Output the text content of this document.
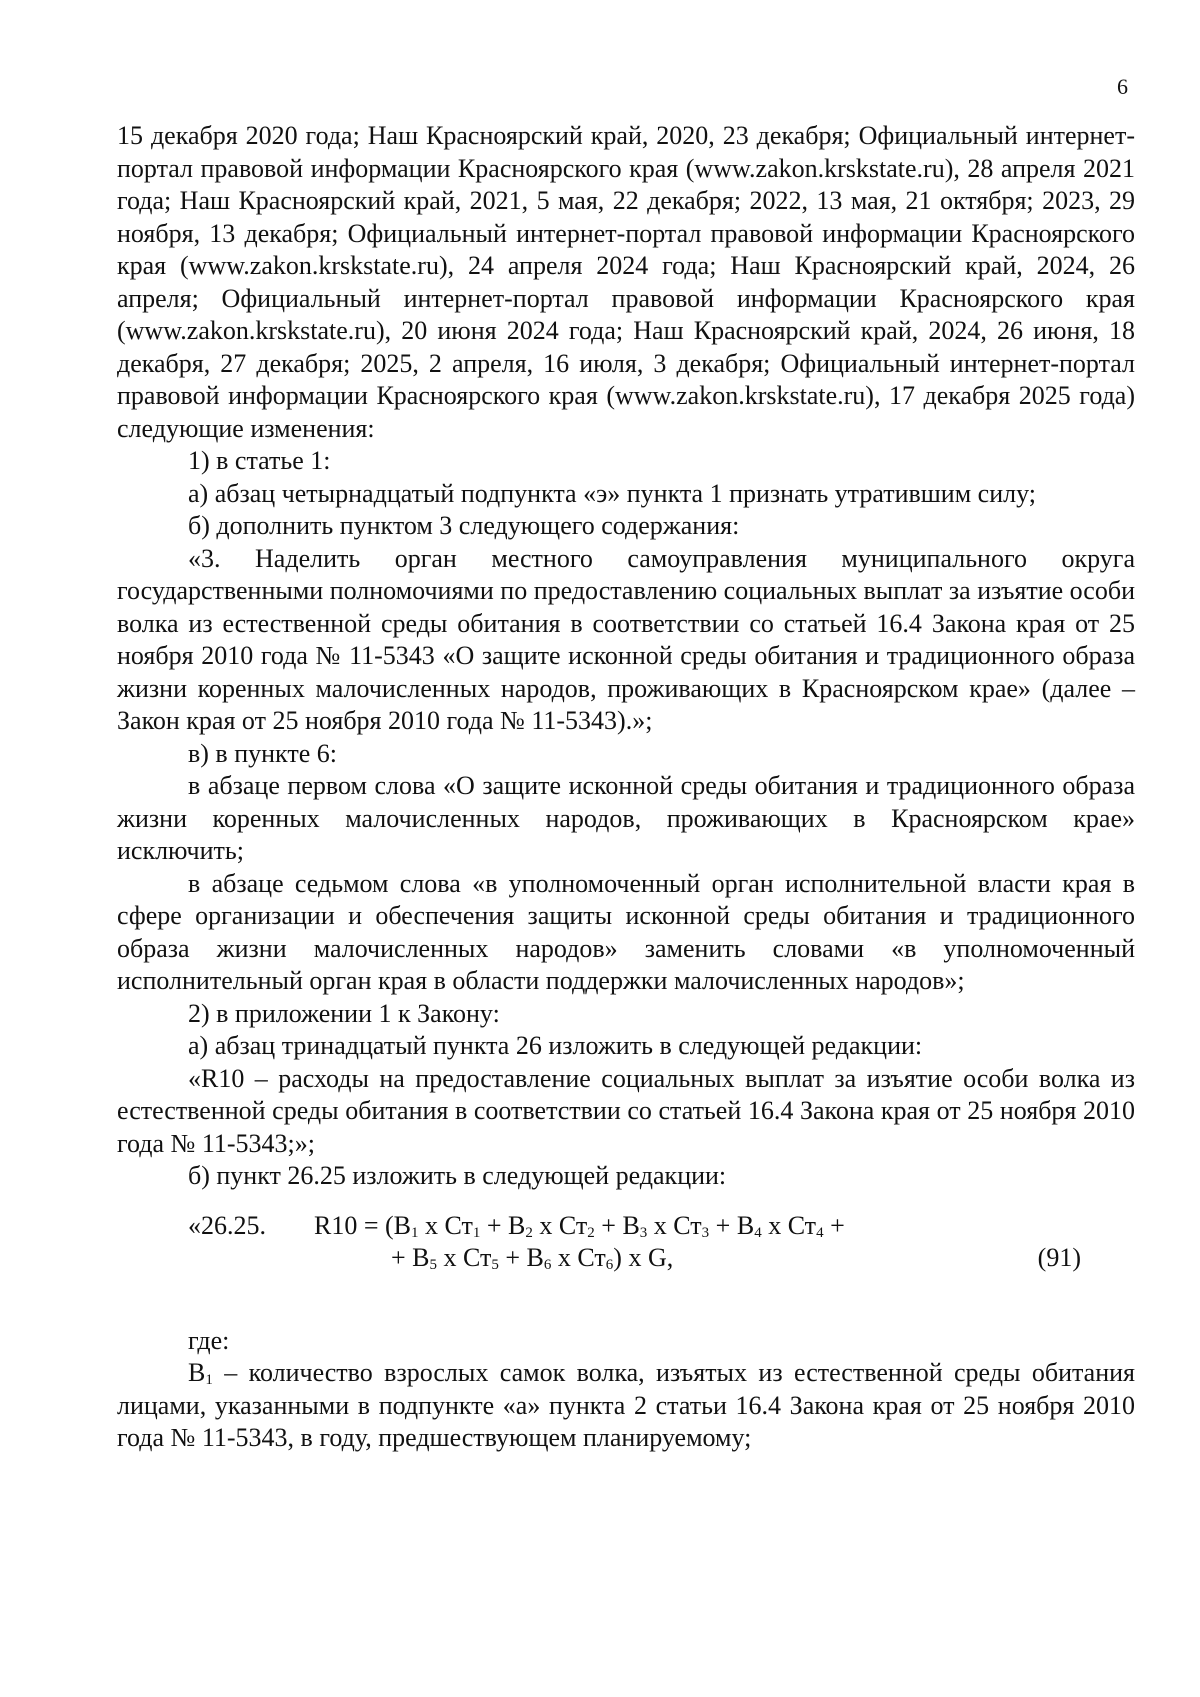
6

15 декабря 2020 года; Наш Красноярский край, 2020, 23 декабря; Официальный интернет-портал правовой информации Красноярского края (www.zakon.krskstate.ru), 28 апреля 2021 года; Наш Красноярский край, 2021, 5 мая, 22 декабря; 2022, 13 мая, 21 октября; 2023, 29 ноября, 13 декабря; Официальный интернет-портал правовой информации Красноярского края (www.zakon.krskstate.ru), 24 апреля 2024 года; Наш Красноярский край, 2024, 26 апреля; Официальный интернет-портал правовой информации Красноярского края (www.zakon.krskstate.ru), 20 июня 2024 года; Наш Красноярский край, 2024, 26 июня, 18 декабря, 27 декабря; 2025, 2 апреля, 16 июля, 3 декабря; Официальный интернет-портал правовой информации Красноярского края (www.zakon.krskstate.ru), 17 декабря 2025 года) следующие изменения:

1) в статье 1:

а) абзац четырнадцатый подпункта «э» пункта 1 признать утратившим силу;

б) дополнить пунктом 3 следующего содержания:

«3. Наделить орган местного самоуправления муниципального округа государственными полномочиями по предоставлению социальных выплат за изъятие особи волка из естественной среды обитания в соответствии со статьей 16.4 Закона края от 25 ноября 2010 года № 11-5343 «О защите исконной среды обитания и традиционного образа жизни коренных малочисленных народов, проживающих в Красноярском крае» (далее – Закон края от 25 ноября 2010 года № 11-5343).»;

в) в пункте 6:

в абзаце первом слова «О защите исконной среды обитания и традиционного образа жизни коренных малочисленных народов, проживающих в Красноярском крае» исключить;

в абзаце седьмом слова «в уполномоченный орган исполнительной власти края в сфере организации и обеспечения защиты исконной среды обитания и традиционного образа жизни малочисленных народов» заменить словами «в уполномоченный исполнительный орган края в области поддержки малочисленных народов»;

2) в приложении 1 к Закону:

а) абзац тринадцатый пункта 26 изложить в следующей редакции:

«R10 – расходы на предоставление социальных выплат за изъятие особи волка из естественной среды обитания в соответствии со статьей 16.4 Закона края от 25 ноября 2010 года № 11-5343;»;

б) пункт 26.25 изложить в следующей редакции:

«26.25. $R10 = (В_1$ х $Ст_1 + В_2$ х $Ст_2 + В_3$ х $Ст_3 + В_4$ х $Ст_4$ +
+ $В_5$ х $Ст_5 + В_6$ х $Ст_6$) х G,	(91)

где:

$В_1$ – количество взрослых самок волка, изъятых из естественной среды обитания лицами, указанными в подпункте «а» пункта 2 статьи 16.4 Закона края от 25 ноября 2010 года № 11-5343, в году, предшествующем планируемому;
